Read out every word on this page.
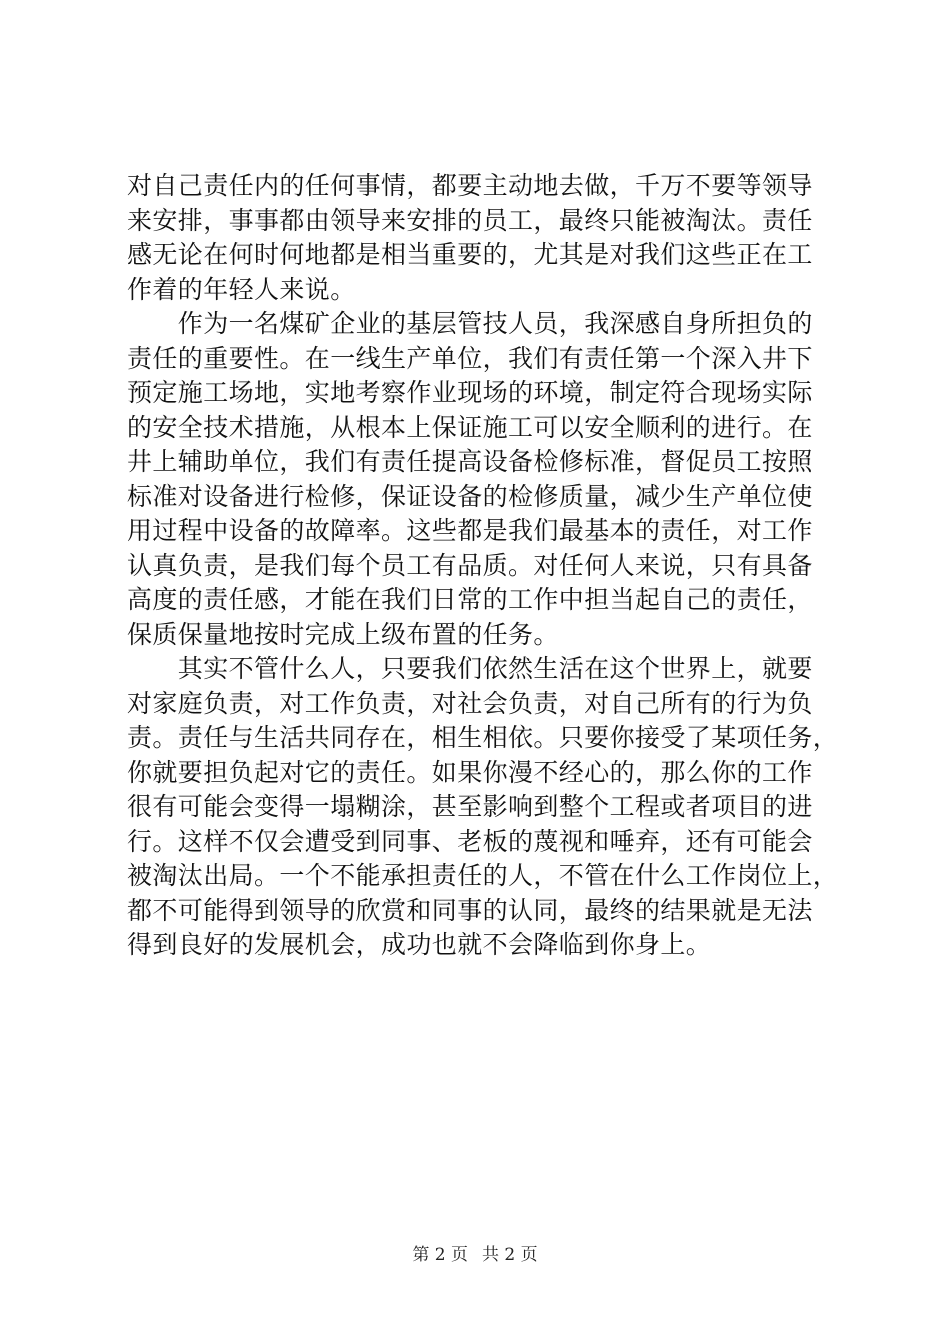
对自己责任内的任何事情，都要主动地去做，千万不要等领导
来安排，事事都由领导来安排的员工，最终只能被淘汰。责任
感无论在何时何地都是相当重要的，尤其是对我们这些正在工
作着的年轻人来说。
　　作为一名煤矿企业的基层管技人员，我深感自身所担负的
责任的重要性。在一线生产单位，我们有责任第一个深入井下
预定施工场地，实地考察作业现场的环境，制定符合现场实际
的安全技术措施，从根本上保证施工可以安全顺利的进行。在
井上辅助单位，我们有责任提高设备检修标准，督促员工按照
标准对设备进行检修，保证设备的检修质量，减少生产单位使
用过程中设备的故障率。这些都是我们最基本的责任，对工作
认真负责，是我们每个员工有品质。对任何人来说，只有具备
高度的责任感，才能在我们日常的工作中担当起自己的责任，
保质保量地按时完成上级布置的任务。
　　其实不管什么人，只要我们依然生活在这个世界上，就要
对家庭负责，对工作负责，对社会负责，对自己所有的行为负
责。责任与生活共同存在，相生相依。只要你接受了某项任务，
你就要担负起对它的责任。如果你漫不经心的，那么你的工作
很有可能会变得一塌糊涂，甚至影响到整个工程或者项目的进
行。这样不仅会遭受到同事、老板的蔑视和唾弃，还有可能会
被淘汰出局。一个不能承担责任的人，不管在什么工作岗位上，
都不可能得到领导的欣赏和同事的认同，最终的结果就是无法
得到良好的发展机会，成功也就不会降临到你身上。
第 2 页 共 2 页
